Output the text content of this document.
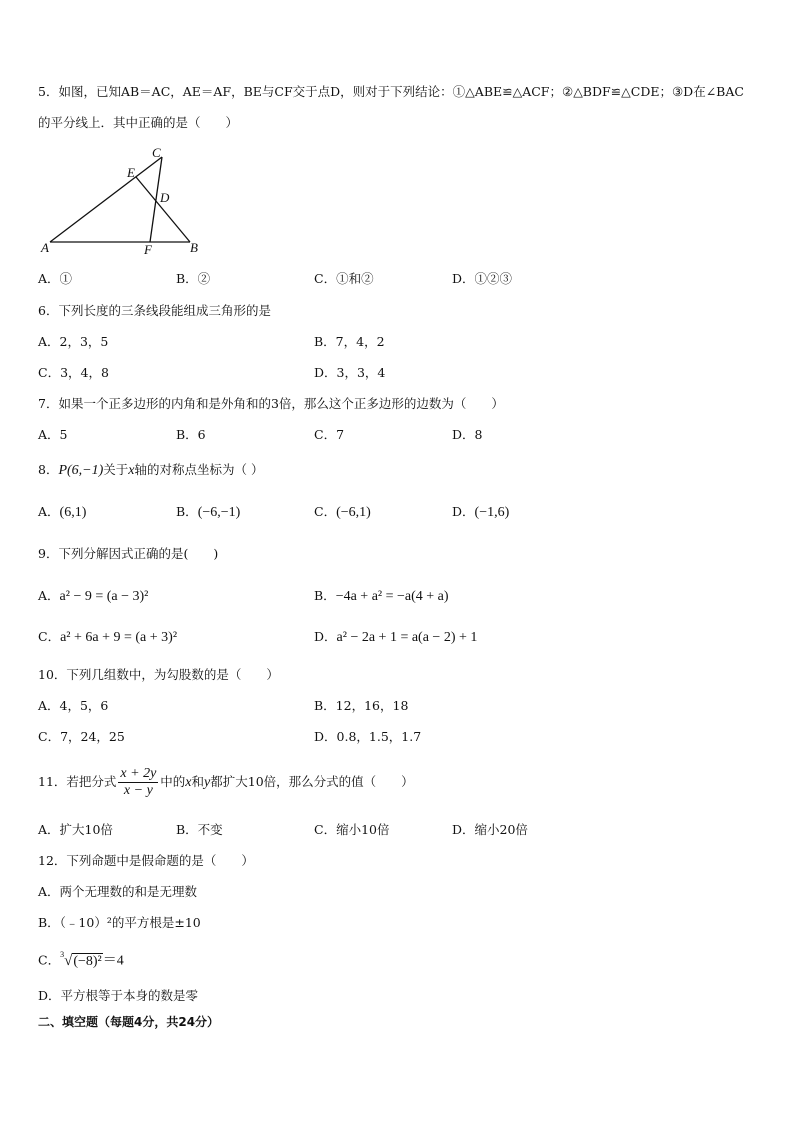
5．如图，已知AB＝AC，AE＝AF，BE与CF交于点D，则对于下列结论：①△ABE≌△ACF；②△BDF≌△CDE；③D在∠BAC
的平分线上．其中正确的是（　　）
C
E
D
A	F	B
A．①	B．②	C．①和②	D．①②③
6．下列长度的三条线段能组成三角形的是
A．2，3，5	B．7，4，2
C．3，4，8	D．3，3，4
7．如果一个正多边形的内角和是外角和的3倍，那么这个正多边形的边数为（　　）
A．5	B．6	C．7	D．8
8．P(6,−1)关于x轴的对称点坐标为（ ）
A．(6,1)	B．(−6,−1)	C．(−6,1)	D．(−1,6)
9．下列分解因式正确的是(　　)
A．a² − 9 = (a − 3)²	B．−4a + a² = −a(4 + a)
C．a² + 6a + 9 = (a + 3)²	D．a² − 2a + 1 = a(a − 2) + 1
10．下列几组数中，为勾股数的是（　　）
A．4，5，6	B．12，16，18
C．7，24，25	D．0.8，1.5，1.7
11．若把分式 $\frac{x + 2y}{x - y}$ 中的x和y都扩大10倍，那么分式的值（　　）
A．扩大10倍	B．不变	C．缩小10倍	D．缩小20倍
12．下列命题中是假命题的是（　　）
A．两个无理数的和是无理数
B．（﹣10）²的平方根是±10
C．$^3$√(−8)²＝4
D．平方根等于本身的数是零
二、填空题（每题4分，共24分）
